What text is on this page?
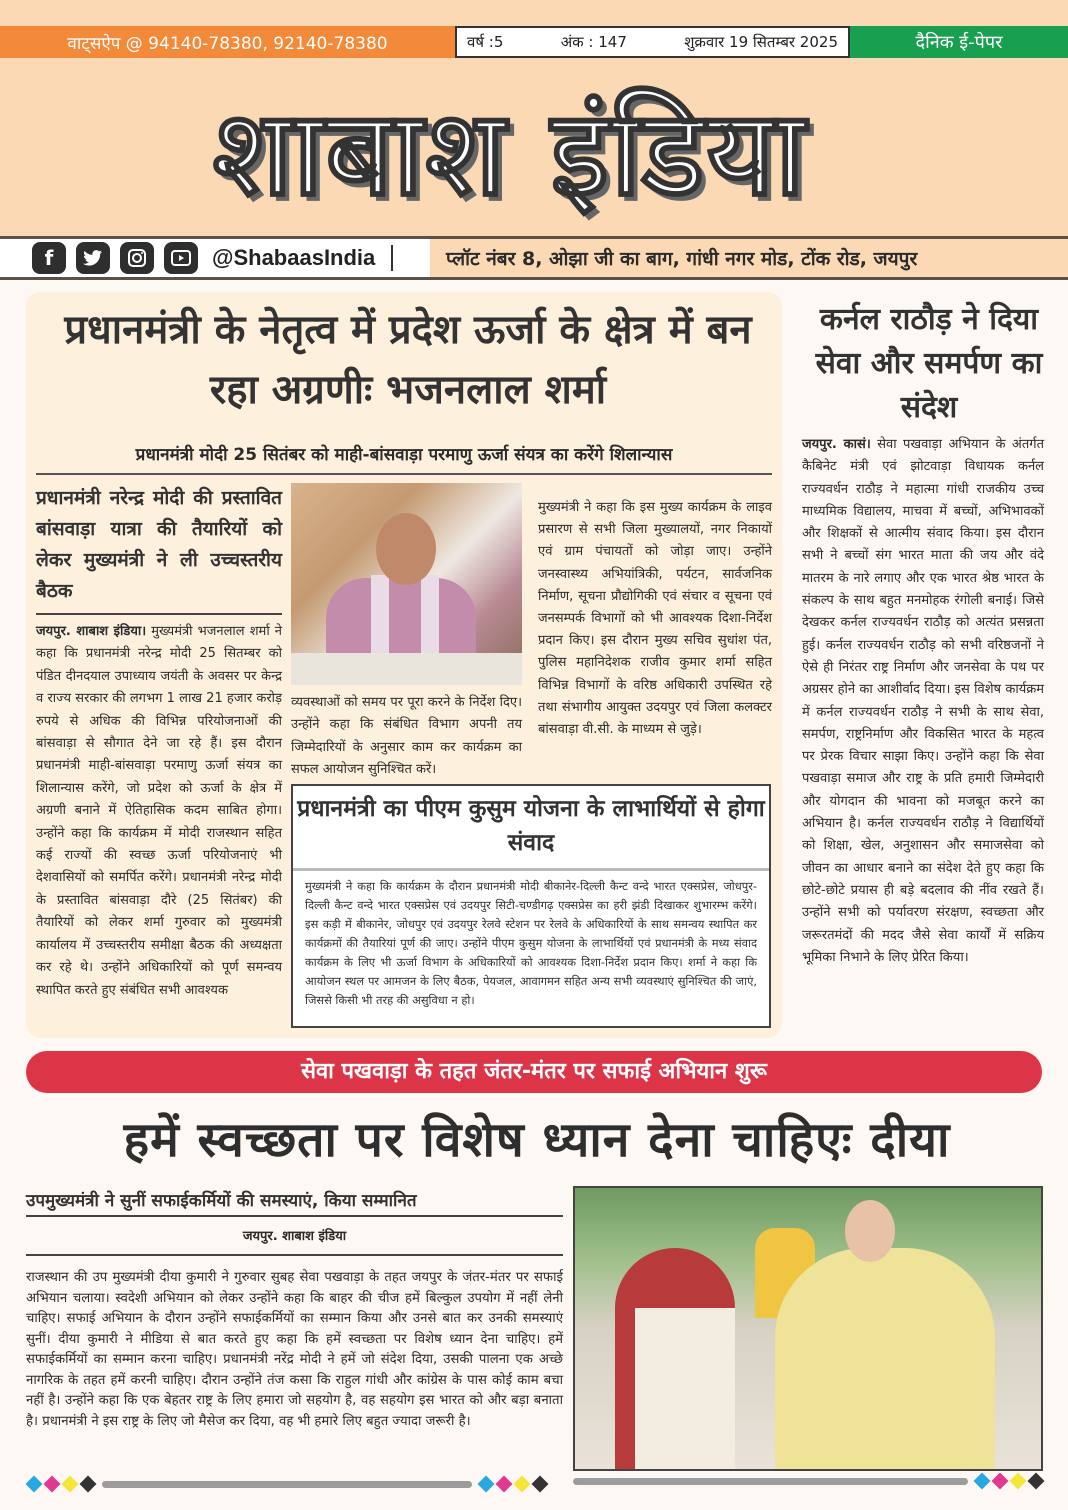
वाट्सऐप @ 94140-78380, 92140-78380	वर्ष :5	अंक : 147	शुक्रवार 19 सितम्बर 2025	दैनिक ई-पेपर
शाबाश इंडिया
f	@ShabaasIndia	प्लॉट नंबर 8, ओझा जी का बाग, गांधी नगर मोड, टोंक रोड, जयपुर
प्रधानमंत्री के नेतृत्व में प्रदेश ऊर्जा के क्षेत्र में बन रहा अग्रणीः भजनलाल शर्मा
प्रधानमंत्री मोदी 25 सितंबर को माही-बांसवाड़ा परमाणु ऊर्जा संयत्र का करेंगे शिलान्यास
प्रधानमंत्री नरेन्द्र मोदी की प्रस्तावित बांसवाड़ा यात्रा की तैयारियों को लेकर मुख्यमंत्री ने ली उच्चस्तरीय बैठक
जयपुर. शाबाश इंडिया। मुख्यमंत्री भजनलाल शर्मा ने कहा कि प्रधानमंत्री नरेन्द्र मोदी 25 सितम्बर को पंडित दीनदयाल उपाध्याय जयंती के अवसर पर केन्द्र व राज्य सरकार की लगभग 1 लाख 21 हजार करोड़ रुपये से अधिक की विभिन्न परियोजनाओं की बांसवाड़ा से सौगात देने जा रहे हैं। इस दौरान प्रधानमंत्री माही-बांसवाड़ा परमाणु ऊर्जा संयत्र का शिलान्यास करेंगे, जो प्रदेश को ऊर्जा के क्षेत्र में अग्रणी बनाने में ऐतिहासिक कदम साबित होगा। उन्होंने कहा कि कार्यक्रम में मोदी राजस्थान सहित कई राज्यों की स्वच्छ ऊर्जा परियोजनाएं भी देशवासियों को समर्पित करेंगे। प्रधानमंत्री नरेन्द्र मोदी के प्रस्तावित बांसवाड़ा दौरे (25 सितंबर) की तैयारियों को लेकर शर्मा गुरुवार को मुख्यमंत्री कार्यालय में उच्चस्तरीय समीक्षा बैठक की अध्यक्षता कर रहे थे। उन्होंने अधिकारियों को पूर्ण समन्वय स्थापित करते हुए संबंधित सभी आवश्यक
व्यवस्थाओं को समय पर पूरा करने के निर्देश दिए। उन्होंने कहा कि संबंधित विभाग अपनी तय जिम्मेदारियों के अनुसार काम कर कार्यक्रम का सफल आयोजन सुनिश्चित करें।
मुख्यमंत्री ने कहा कि इस मुख्य कार्यक्रम के लाइव प्रसारण से सभी जिला मुख्यालयों, नगर निकायों एवं ग्राम पंचायतों को जोड़ा जाए। उन्होंने जनस्वास्थ्य अभियांत्रिकी, पर्यटन, सार्वजनिक निर्माण, सूचना प्रौद्योगिकी एवं संचार व सूचना एवं जनसम्पर्क विभागों को भी आवश्यक दिशा-निर्देश प्रदान किए। इस दौरान मुख्य सचिव सुधांश पंत, पुलिस महानिदेशक राजीव कुमार शर्मा सहित विभिन्न विभागों के वरिष्ठ अधिकारी उपस्थित रहे तथा संभागीय आयुक्त उदयपुर एवं जिला कलक्टर बांसवाड़ा वी.सी. के माध्यम से जुड़े।
प्रधानमंत्री का पीएम कुसुम योजना के लाभार्थियों से होगा संवाद
मुख्यमंत्री ने कहा कि कार्यक्रम के दौरान प्रधानमंत्री मोदी बीकानेर-दिल्ली कैन्ट वन्दे भारत एक्सप्रेस, जोधपुर-दिल्ली कैन्ट वन्दे भारत एक्सप्रेस एवं उदयपुर सिटी-चण्डीगढ़ एक्सप्रेस का हरी झंडी दिखाकर शुभारम्भ करेंगे। इस कड़ी में बीकानेर, जोधपुर एवं उदयपुर रेलवे स्टेशन पर रेलवे के अधिकारियों के साथ समन्वय स्थापित कर कार्यक्रमों की तैयारियां पूर्ण की जाए। उन्होंने पीएम कुसुम योजना के लाभार्थियों एवं प्रधानमंत्री के मध्य संवाद कार्यक्रम के लिए भी ऊर्जा विभाग के अधिकारियों को आवश्यक दिशा-निर्देश प्रदान किए। शर्मा ने कहा कि आयोजन स्थल पर आमजन के लिए बैठक, पेयजल, आवागमन सहित अन्य सभी व्यवस्थाएं सुनिश्चित की जाएं, जिससे किसी भी तरह की असुविधा न हो।
कर्नल राठौड़ ने दिया सेवा और समर्पण का संदेश
जयपुर. कासं। सेवा पखवाड़ा अभियान के अंतर्गत कैबिनेट मंत्री एवं झोटवाड़ा विधायक कर्नल राज्यवर्धन राठौड़ ने महात्मा गांधी राजकीय उच्च माध्यमिक विद्यालय, माचवा में बच्चों, अभिभावकों और शिक्षकों से आत्मीय संवाद किया। इस दौरान सभी ने बच्चों संग भारत माता की जय और वंदे मातरम के नारे लगाए और एक भारत श्रेष्ठ भारत के संकल्प के साथ बहुत मनमोहक रंगोली बनाई। जिसे देखकर कर्नल राज्यवर्धन राठौड़ को अत्यंत प्रसन्नता हुई। कर्नल राज्यवर्धन राठौड़ को सभी वरिष्ठजनों ने ऐसे ही निरंतर राष्ट्र निर्माण और जनसेवा के पथ पर अग्रसर होने का आशीर्वाद दिया। इस विशेष कार्यक्रम में कर्नल राज्यवर्धन राठौड़ ने सभी के साथ सेवा, समर्पण, राष्ट्रनिर्माण और विकसित भारत के महत्व पर प्रेरक विचार साझा किए। उन्होंने कहा कि सेवा पखवाड़ा समाज और राष्ट्र के प्रति हमारी जिम्मेदारी और योगदान की भावना को मजबूत करने का अभियान है। कर्नल राज्यवर्धन राठौड़ ने विद्यार्थियों को शिक्षा, खेल, अनुशासन और समाजसेवा को जीवन का आधार बनाने का संदेश देते हुए कहा कि छोटे-छोटे प्रयास ही बड़े बदलाव की नींव रखते हैं। उन्होंने सभी को पर्यावरण संरक्षण, स्वच्छता और जरूरतमंदों की मदद जैसे सेवा कार्यों में सक्रिय भूमिका निभाने के लिए प्रेरित किया।
सेवा पखवाड़ा के तहत जंतर-मंतर पर सफाई अभियान शुरू
हमें स्वच्छता पर विशेष ध्यान देना चाहिएः दीया
उपमुख्यमंत्री ने सुनीं सफाईकर्मियों की समस्याएं, किया सम्मानित
जयपुर. शाबाश इंडिया
राजस्थान की उप मुख्यमंत्री दीया कुमारी ने गुरुवार सुबह सेवा पखवाड़ा के तहत जयपुर के जंतर-मंतर पर सफाई अभियान चलाया। स्वदेशी अभियान को लेकर उन्होंने कहा कि बाहर की चीज हमें बिल्कुल उपयोग में नहीं लेनी चाहिए। सफाई अभियान के दौरान उन्होंने सफाईकर्मियों का सम्मान किया और उनसे बात कर उनकी समस्याएं सुनीं। दीया कुमारी ने मीडिया से बात करते हुए कहा कि हमें स्वच्छता पर विशेष ध्यान देना चाहिए। हमें सफाईकर्मियों का सम्मान करना चाहिए। प्रधानमंत्री नरेंद्र मोदी ने हमें जो संदेश दिया, उसकी पालना एक अच्छे नागरिक के तहत हमें करनी चाहिए। दौरान उन्होंने तंज कसा कि राहुल गांधी और कांग्रेस के पास कोई काम बचा नहीं है। उन्होंने कहा कि एक बेहतर राष्ट्र के लिए हमारा जो सहयोग है, वह सहयोग इस भारत को और बड़ा बनाता है। प्रधानमंत्री ने इस राष्ट्र के लिए जो मैसेज कर दिया, वह भी हमारे लिए बहुत ज्यादा जरूरी है।
